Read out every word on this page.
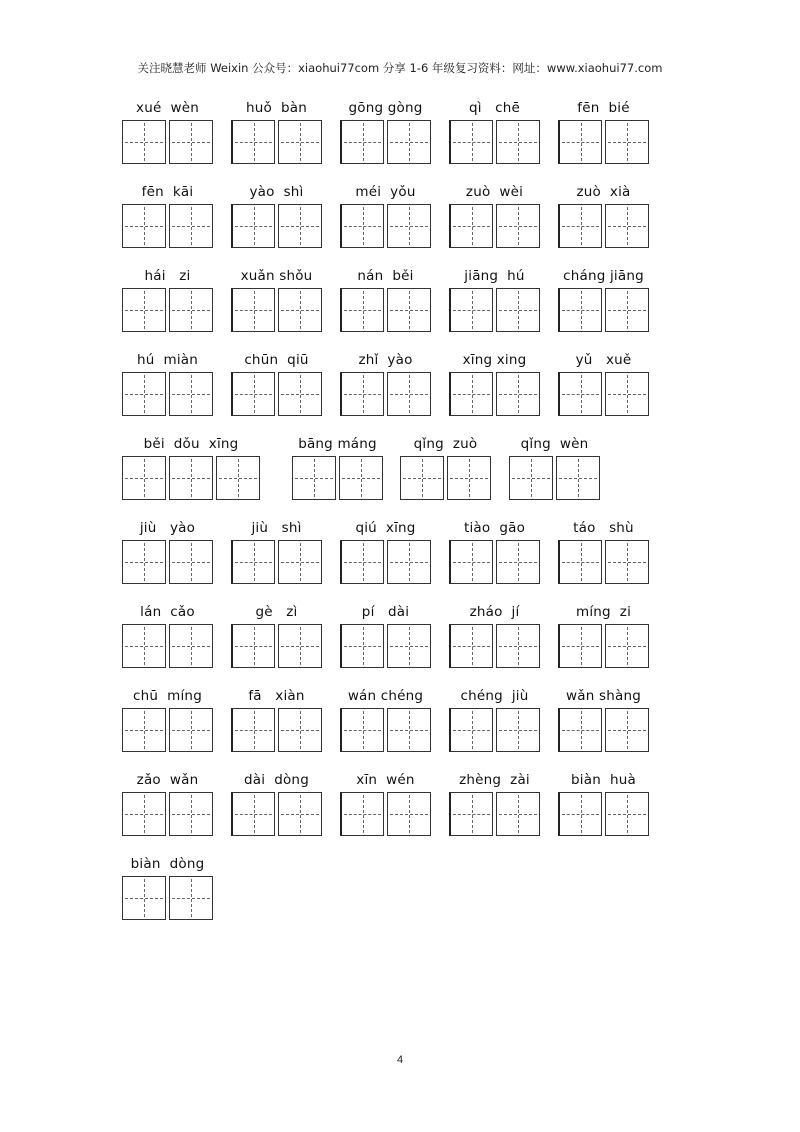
关注晓慧老师 Weixin 公众号：xiaohui77com 分享 1-6 年级复习资料：网址：www.xiaohui77.com
xué  wèn	huǒ  bàn	gōng gòng	qì   chē	fēn  bié
fēn  kāi	yào  shì	méi  yǒu	zuò  wèi	zuò  xià
hái   zi	xuǎn shǒu	nán  běi	jiāng  hú	cháng jiāng
hú  miàn	chūn  qiū	zhǐ  yào	xīng xing	yǔ   xuě
běi  dǒu  xīng	bāng máng	qǐng  zuò	qǐng  wèn
jiù   yào	jiù   shì	qiú  xīng	tiào  gāo	táo   shù
lán  cǎo	gè   zì	pí   dài	zháo  jí	míng  zi
chū  míng	fā   xiàn	wán chéng	chéng  jiù	wǎn shàng
zǎo  wǎn	dài  dòng	xīn  wén	zhèng  zài	biàn  huà
biàn  dòng
4
